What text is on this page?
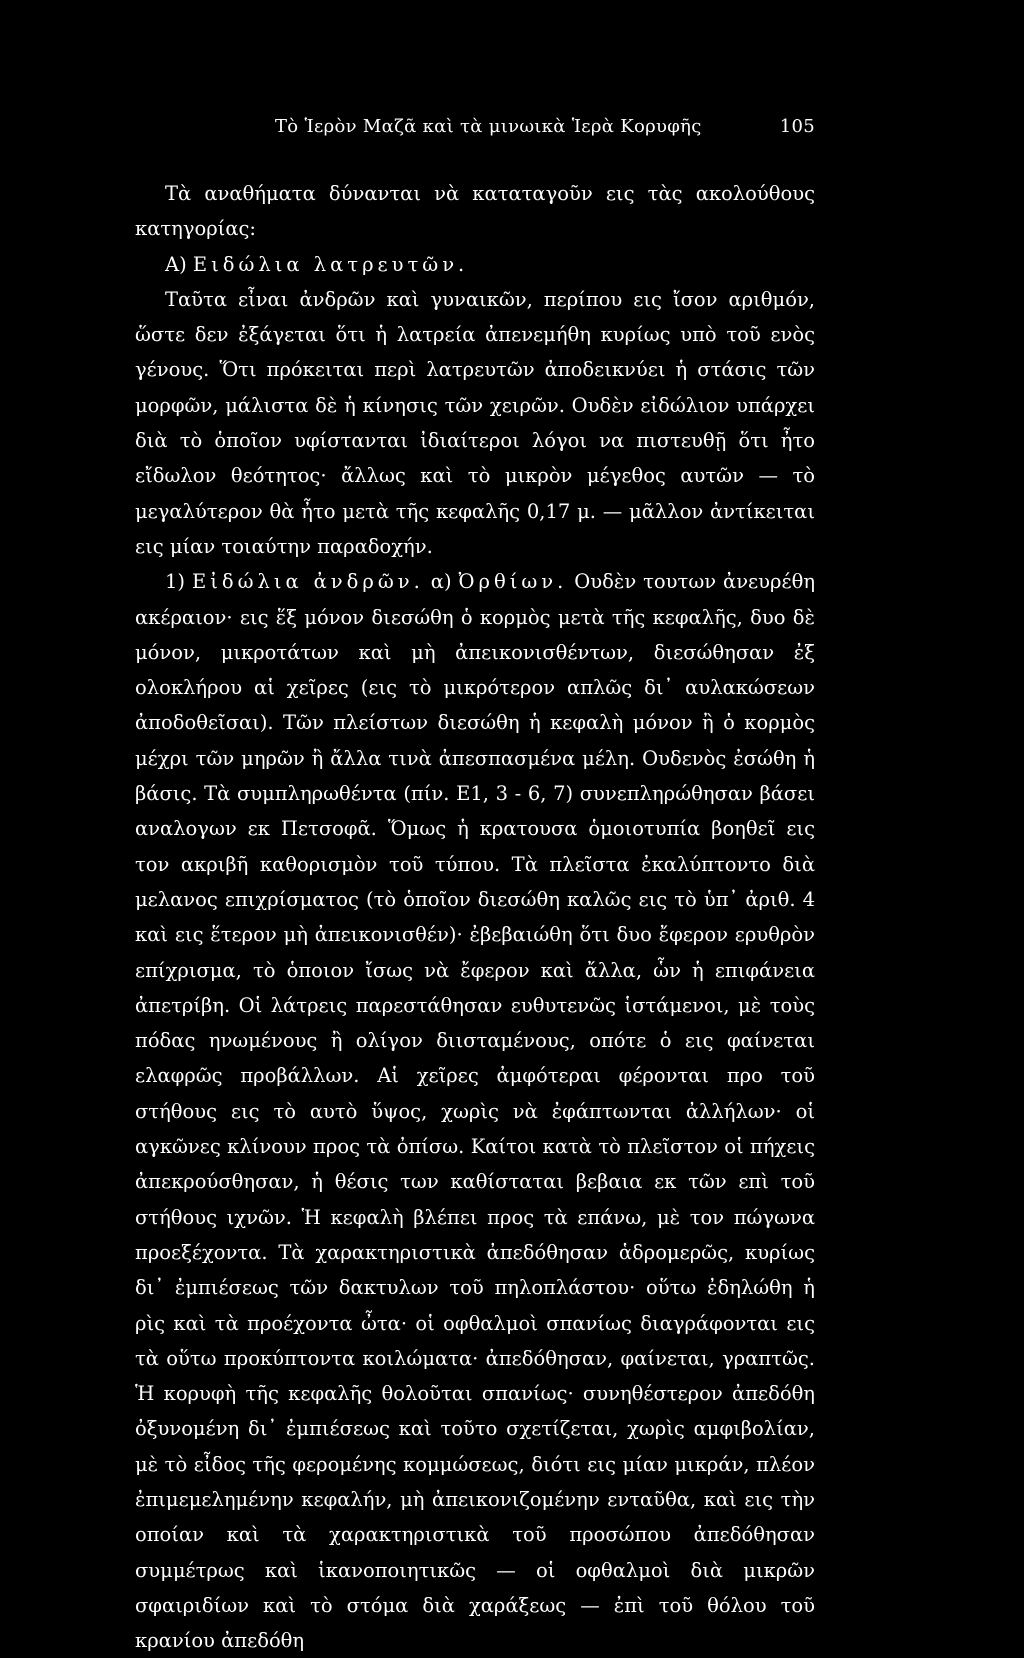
Τὸ Ἱερὸν Μαζᾶ καὶ τὰ μινωικὰ Ἱερὰ Κορυφῆς	105

Τὰ αναθήματα δύνανται νὰ καταταγοῦν εις τὰς ακολούθους κατηγορίας:

Α) Ειδώλια λατρευτῶν.

Ταῦτα εἶναι ἀνδρῶν καὶ γυναικῶν, περίπου εις ἴσον αριθμόν, ὥστε δεν ἐξάγεται ὅτι ἡ λατρεία ἀπενεμήθη κυρίως υπὸ τοῦ ενὸς γένους. Ὅτι πρόκειται περὶ λατρευτῶν ἀποδεικνύει ἡ στάσις τῶν μορφῶν, μάλιστα δὲ ἡ κίνησις τῶν χειρῶν. Ουδὲν εἰδώλιον υπάρχει διὰ τὸ ὁποῖον υφίστανται ἰδιαίτεροι λόγοι να πιστευθῇ ὅτι ἦτο εἴδωλον θεότητος· ἄλλως καὶ τὸ μικρὸν μέγεθος αυτῶν — τὸ μεγαλύτερον θὰ ἦτο μετὰ τῆς κεφαλῆς 0,17 μ. — μᾶλλον ἀντίκειται εις μίαν τοιαύτην παραδοχήν.

1) Εἰδώλια ἀνδρῶν. α) Ὀρθίων. Ουδὲν τουτων ἀνευρέθη ακέραιον· εις ἕξ μόνον διεσώθη ὁ κορμὸς μετὰ τῆς κεφαλῆς, δυο δὲ μόνον, μικροτάτων καὶ μὴ ἀπεικονισθέντων, διεσώθησαν ἐξ ολοκλήρου αἱ χεῖρες (εις τὸ μικρότερον απλῶς δι᾽ αυλακώσεων ἀποδοθεῖσαι). Τῶν πλείστων διεσώθη ἡ κεφαλὴ μόνον ἢ ὁ κορμὸς μέχρι τῶν μηρῶν ἢ ἄλλα τινὰ ἀπεσπασμένα μέλη. Ουδενὸς ἐσώθη ἡ βάσις. Τὰ συμπληρωθέντα (πίν. Ε1, 3 - 6, 7) συνεπληρώθησαν βάσει αναλογων εκ Πετσοφᾶ. Ὅμως ἡ κρατουσα ὁμοιοτυπία βοηθεῖ εις τον ακριβῆ καθορισμὸν τοῦ τύπου. Τὰ πλεῖστα ἐκαλύπτοντο διὰ μελανος επιχρίσματος (τὸ ὁποῖον διεσώθη καλῶς εις τὸ ὑπ᾽ ἀριθ. 4 καὶ εις ἕτερον μὴ ἀπεικονισθέν)· ἐβεβαιώθη ὅτι δυο ἔφερον ερυθρὸν επίχρισμα, τὸ ὁποιον ἴσως νὰ ἔφερον καὶ ἄλλα, ὧν ἡ επιφάνεια ἀπετρίβη. Οἱ λάτρεις παρεστάθησαν ευθυτενῶς ἱστάμενοι, μὲ τοὺς πόδας ηνωμένους ἢ ολίγον διισταμένους, οπότε ὁ εις φαίνεται ελαφρῶς προβάλλων. Αἱ χεῖρες ἀμφότεραι φέρονται προ τοῦ στήθους εις τὸ αυτὸ ὕψος, χωρὶς νὰ ἐφάπτωνται ἀλλήλων· οἱ αγκῶνες κλίνουν προς τὰ ὀπίσω. Καίτοι κατὰ τὸ πλεῖστον οἱ πήχεις ἀπεκρούσθησαν, ἡ θέσις των καθίσταται βεβαια εκ τῶν επὶ τοῦ στήθους ιχνῶν. Ἡ κεφαλὴ βλέπει προς τὰ επάνω, μὲ τον πώγωνα προεξέχοντα. Τὰ χαρακτηριστικὰ ἀπεδόθησαν ἁδρομερῶς, κυρίως δι᾽ ἐμπιέσεως τῶν δακτυλων τοῦ πηλοπλάστου· οὕτω ἐδηλώθη ἡ ρὶς καὶ τὰ προέχοντα ὦτα· οἱ οφθαλμοὶ σπανίως διαγράφονται εις τὰ οὕτω προκύπτοντα κοιλώματα· ἀπεδόθησαν, φαίνεται, γραπτῶς. Ἡ κορυφὴ τῆς κεφαλῆς θολοῦται σπανίως· συνηθέστερον ἀπεδόθη ὀξυνομένη δι᾽ ἐμπιέσεως καὶ τοῦτο σχετίζεται, χωρὶς αμφιβολίαν, μὲ τὸ εἶδος τῆς φερομένης κομμώσεως, διότι εις μίαν μικράν, πλέον ἐπιμεμελημένην κεφαλήν, μὴ ἀπεικονιζομένην ενταῦθα, καὶ εις τὴν οποίαν καὶ τὰ χαρακτηριστικὰ τοῦ προσώπου ἀπεδόθησαν συμμέτρως καὶ ἱκανοποιητικῶς — οἱ οφθαλμοὶ διὰ μικρῶν σφαιριδίων καὶ τὸ στόμα διὰ χαράξεως — ἐπὶ τοῦ θόλου τοῦ κρανίου ἀπεδόθη
